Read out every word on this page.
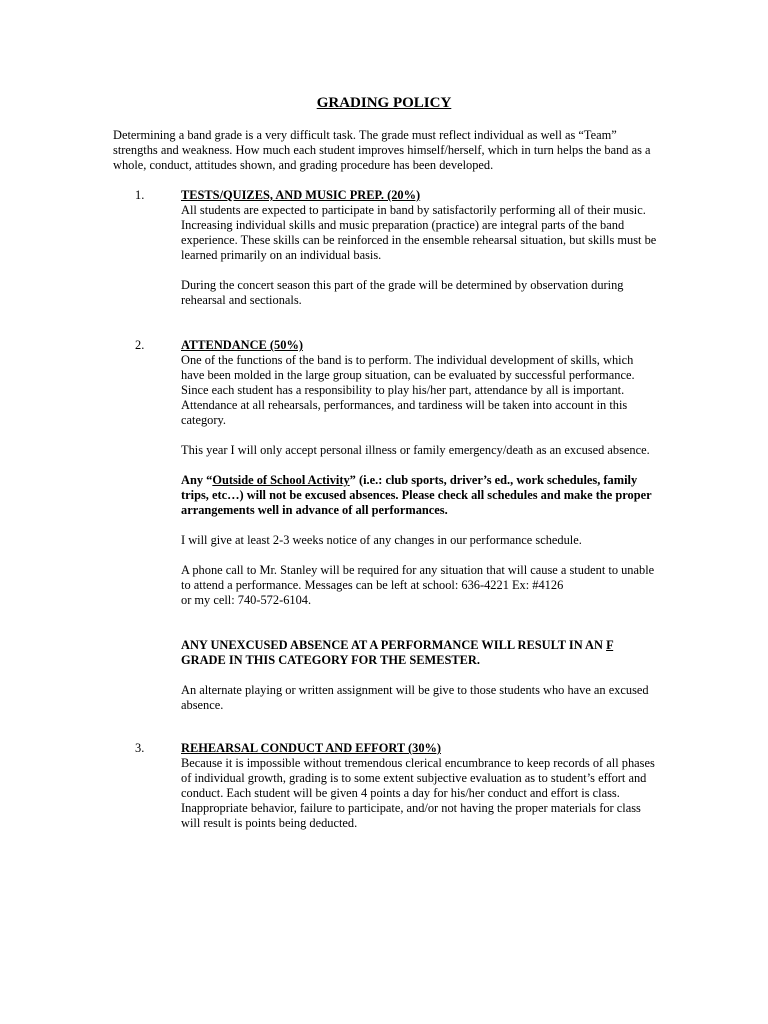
GRADING POLICY

Determining a band grade is a very difficult task. The grade must reflect individual as well as “Team” strengths and weakness. How much each student improves himself/herself, which in turn helps the band as a whole, conduct, attitudes shown, and grading procedure has been developed.

1.	TESTS/QUIZES, AND MUSIC PREP. (20%)

All students are expected to participate in band by satisfactorily performing all of their music. Increasing individual skills and music preparation (practice) are integral parts of the band experience. These skills can be reinforced in the ensemble rehearsal situation, but skills must be learned primarily on an individual basis.

During the concert season this part of the grade will be determined by observation during rehearsal and sectionals.

2.	ATTENDANCE (50%)

One of the functions of the band is to perform. The individual development of skills, which have been molded in the large group situation, can be evaluated by successful performance. Since each student has a responsibility to play his/her part, attendance by all is important. Attendance at all rehearsals, performances, and tardiness will be taken into account in this category.

This year I will only accept personal illness or family emergency/death as an excused absence.

Any “Outside of School Activity” (i.e.: club sports, driver’s ed., work schedules, family trips, etc…) will not be excused absences. Please check all schedules and make the proper arrangements well in advance of all performances.

I will give at least 2-3 weeks notice of any changes in our performance schedule.

A phone call to Mr. Stanley will be required for any situation that will cause a student to unable to attend a performance. Messages can be left at school: 636-4221 Ex: #4126
or my cell: 740-572-6104.

ANY UNEXCUSED ABSENCE AT A PERFORMANCE WILL RESULT IN AN F GRADE IN THIS CATEGORY FOR THE SEMESTER.

An alternate playing or written assignment will be give to those students who have an excused absence.

3.	REHEARSAL CONDUCT AND EFFORT (30%)

Because it is impossible without tremendous clerical encumbrance to keep records of all phases of individual growth, grading is to some extent subjective evaluation as to student’s effort and conduct. Each student will be given 4 points a day for his/her conduct and effort is class. Inappropriate behavior, failure to participate, and/or not having the proper materials for class will result is points being deducted.
